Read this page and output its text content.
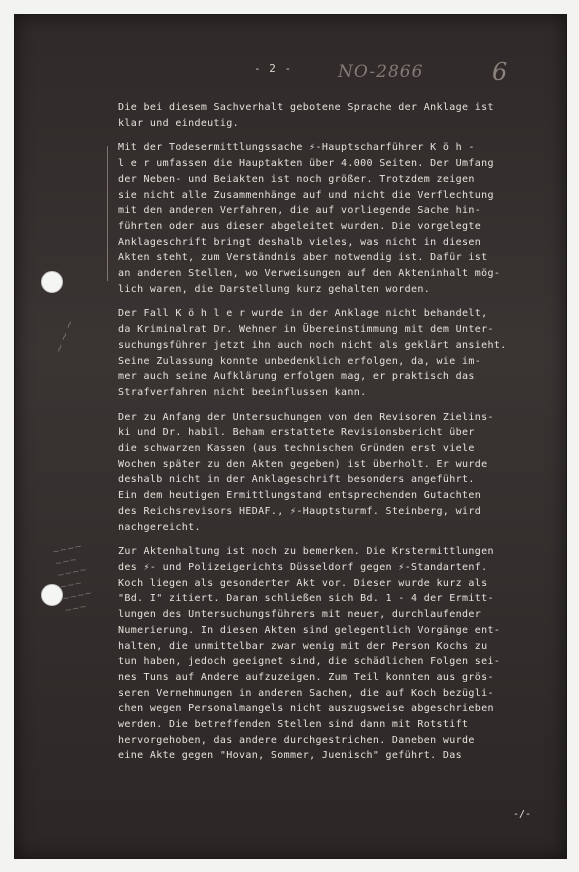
- 2 -	NO-2866	6
~ ~ ~
~~~~
~~~
~~~~
~~~
~~~~
~~~
Die bei diesem Sachverhalt gebotene Sprache der Anklage ist
klar und eindeutig.
Mit der Todesermittlungssache ⚡-Hauptscharführer K ö h -
l e r umfassen die Hauptakten über 4.000 Seiten. Der Umfang
der Neben- und Beiakten ist noch größer. Trotzdem zeigen
sie nicht alle Zusammenhänge auf und nicht die Verflechtung
mit den anderen Verfahren, die auf vorliegende Sache hin-
führten oder aus dieser abgeleitet wurden. Die vorgelegte
Anklageschrift bringt deshalb vieles, was nicht in diesen
Akten steht, zum Verständnis aber notwendig ist. Dafür ist
an anderen Stellen, wo Verweisungen auf den Akteninhalt mög-
lich waren, die Darstellung kurz gehalten worden.
Der Fall K ö h l e r wurde in der Anklage nicht behandelt,
da Kriminalrat Dr. Wehner in Übereinstimmung mit dem Unter-
suchungsführer jetzt ihn auch noch nicht als geklärt ansieht.
Seine Zulassung konnte unbedenklich erfolgen, da, wie im-
mer auch seine Aufklärung erfolgen mag, er praktisch das
Strafverfahren nicht beeinflussen kann.
Der zu Anfang der Untersuchungen von den Revisoren Zielins-
ki und Dr. habil. Beham erstattete Revisionsbericht über
die schwarzen Kassen (aus technischen Gründen erst viele
Wochen später zu den Akten gegeben) ist überholt. Er wurde
deshalb nicht in der Anklageschrift besonders angeführt.
Ein dem heutigen Ermittlungstand entsprechenden Gutachten
des Reichsrevisors HEDAF., ⚡-Hauptsturmf. Steinberg, wird
nachgereicht.
Zur Aktenhaltung ist noch zu bemerken. Die Krstermittlungen
des ⚡- und Polizeigerichts Düsseldorf gegen ⚡-Standartenf.
Koch liegen als gesonderter Akt vor. Dieser wurde kurz als
"Bd. I" zitiert. Daran schließen sich Bd. 1 - 4 der Ermitt-
lungen des Untersuchungsführers mit neuer, durchlaufender
Numerierung. In diesen Akten sind gelegentlich Vorgänge ent-
halten, die unmittelbar zwar wenig mit der Person Kochs zu
tun haben, jedoch geeignet sind, die schädlichen Folgen sei-
nes Tuns auf Andere aufzuzeigen. Zum Teil konnten aus grös-
seren Vernehmungen in anderen Sachen, die auf Koch bezügli-
chen wegen Personalmangels nicht auszugsweise abgeschrieben
werden. Die betreffenden Stellen sind dann mit Rotstift
hervorgehoben, das andere durchgestrichen. Daneben wurde
eine Akte gegen "Hovan, Sommer, Juenisch" geführt. Das
-/-
